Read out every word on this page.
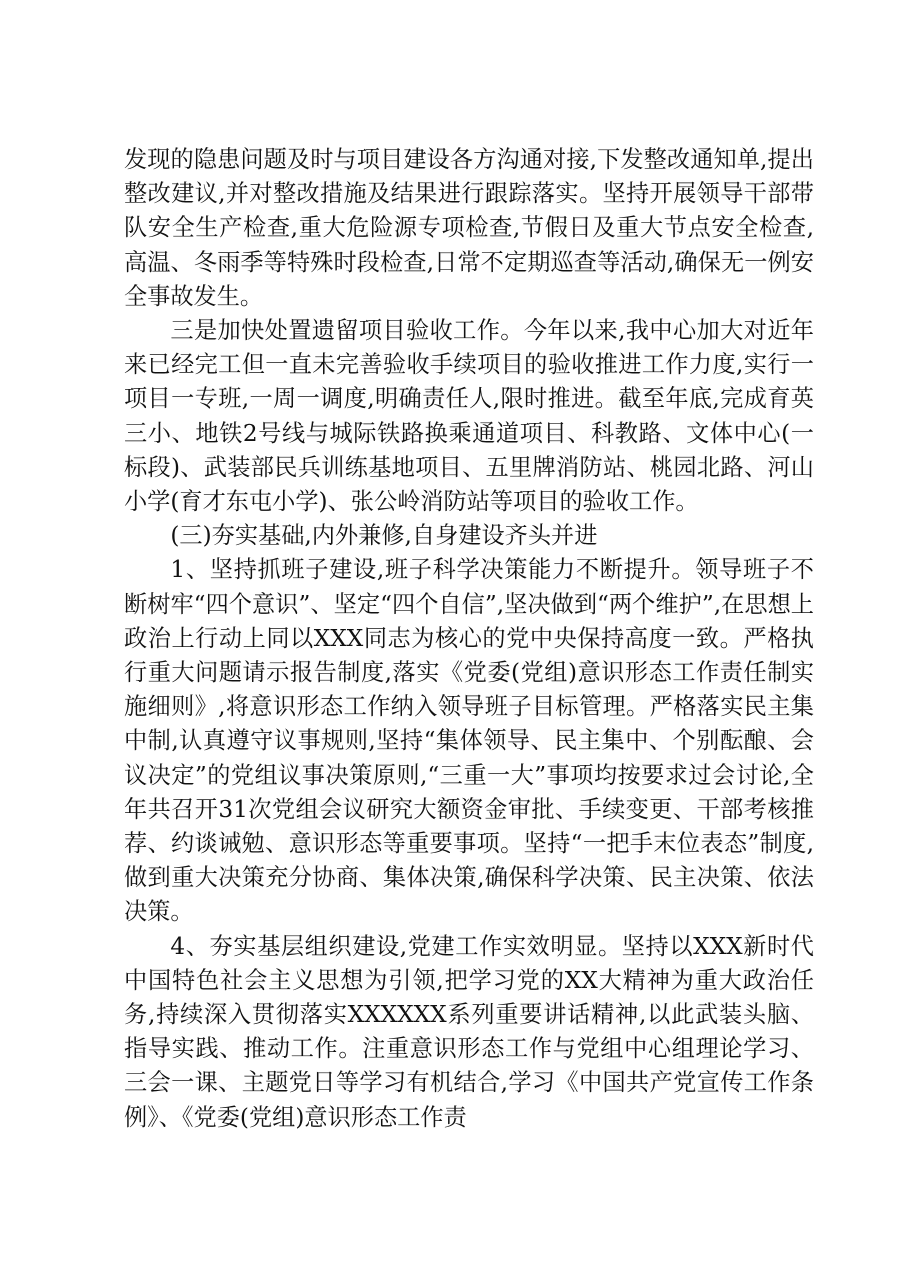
发现的隐患问题及时与项目建设各方沟通对接,下发整改通知单,提出整改建议,并对整改措施及结果进行跟踪落实。坚持开展领导干部带队安全生产检查,重大危险源专项检查,节假日及重大节点安全检查,高温、冬雨季等特殊时段检查,日常不定期巡查等活动,确保无一例安全事故发生。

三是加快处置遗留项目验收工作。今年以来,我中心加大对近年来已经完工但一直未完善验收手续项目的验收推进工作力度,实行一项目一专班,一周一调度,明确责任人,限时推进。截至年底,完成育英三小、地铁2号线与城际铁路换乘通道项目、科教路、文体中心(一标段)、武装部民兵训练基地项目、五里牌消防站、桃园北路、河山小学(育才东屯小学)、张公岭消防站等项目的验收工作。

(三)夯实基础,内外兼修,自身建设齐头并进

1、坚持抓班子建设,班子科学决策能力不断提升。领导班子不断树牢“四个意识”、坚定“四个自信”,坚决做到“两个维护”,在思想上政治上行动上同以XXX同志为核心的党中央保持高度一致。严格执行重大问题请示报告制度,落实《党委(党组)意识形态工作责任制实施细则》,将意识形态工作纳入领导班子目标管理。严格落实民主集中制,认真遵守议事规则,坚持“集体领导、民主集中、个别酝酿、会议决定”的党组议事决策原则,“三重一大”事项均按要求过会讨论,全年共召开31次党组会议研究大额资金审批、手续变更、干部考核推荐、约谈诫勉、意识形态等重要事项。坚持“一把手末位表态”制度,做到重大决策充分协商、集体决策,确保科学决策、民主决策、依法决策。

4、夯实基层组织建设,党建工作实效明显。坚持以XXX新时代中国特色社会主义思想为引领,把学习党的XX大精神为重大政治任务,持续深入贯彻落实XXXXXX系列重要讲话精神,以此武装头脑、指导实践、推动工作。注重意识形态工作与党组中心组理论学习、三会一课、主题党日等学习有机结合,学习《中国共产党宣传工作条例》、《党委(党组)意识形态工作责
